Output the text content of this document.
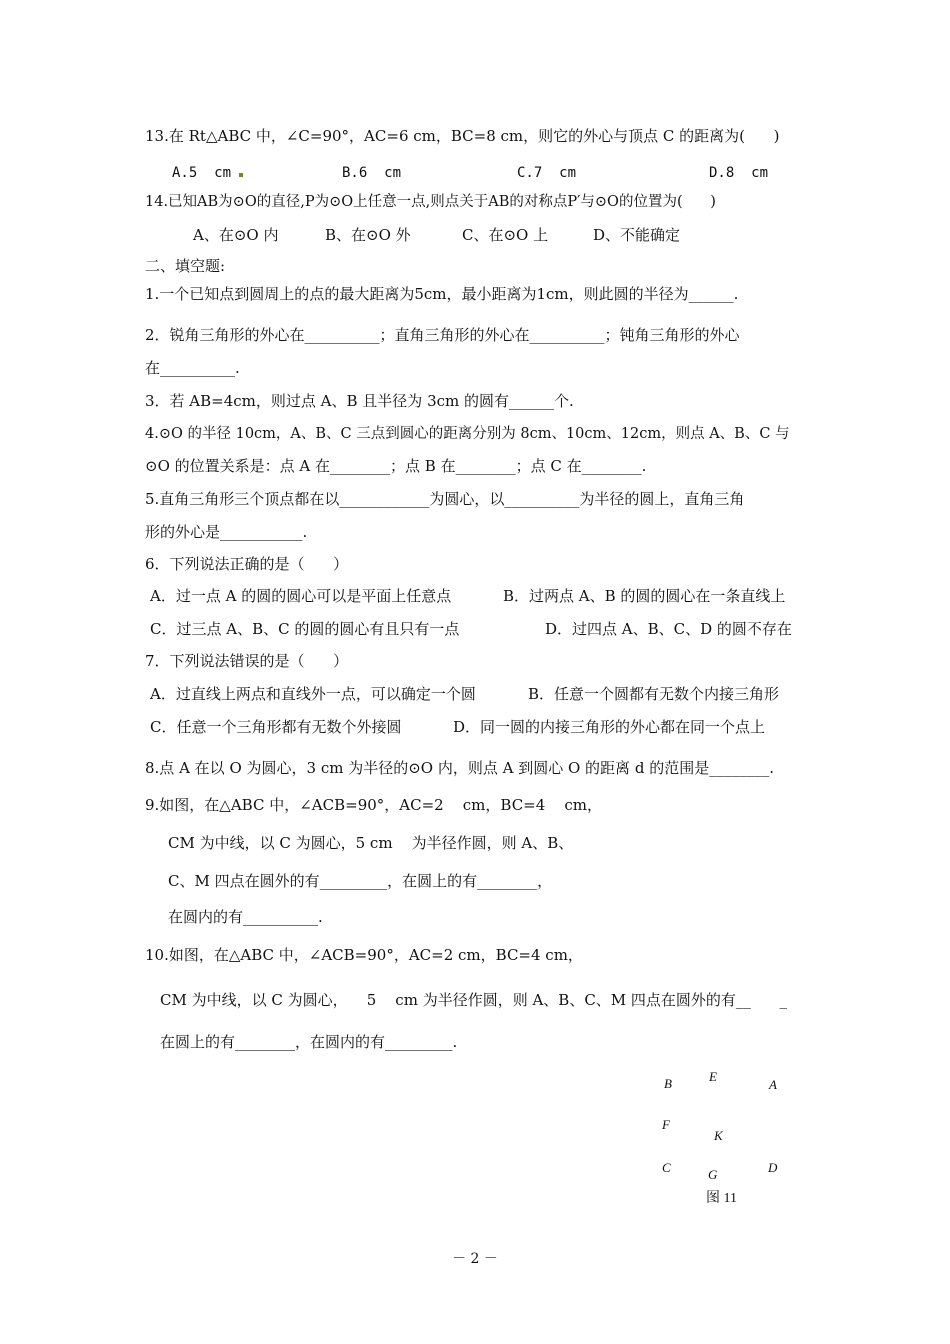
13.在 Rt△ABC 中，∠C=90°，AC=6 cm，BC=8 cm，则它的外心与顶点 C 的距离为(      )
A.5  cm	B.6  cm	C.7  cm	D.8  cm
14.已知AB为⊙O的直径,P为⊙O上任意一点,则点关于AB的对称点P′与⊙O的位置为(      )
A、在⊙O 内	B、在⊙O 外	C、在⊙O 上	D、不能确定
二、填空题:
1.一个已知点到圆周上的点的最大距离为5cm，最小距离为1cm，则此圆的半径为______.
2．锐角三角形的外心在__________；直角三角形的外心在__________；钝角三角形的外心
在__________.
3．若 AB=4cm，则过点 A、B 且半径为 3cm 的圆有______个.
4.⊙O 的半径 10cm，A、B、C 三点到圆心的距离分别为 8cm、10cm、12cm，则点 A、B、C 与
⊙O 的位置关系是：点 A 在________；点 B 在________；点 C 在________.
5.直角三角形三个顶点都在以____________为圆心，以__________为半径的圆上，直角三角
形的外心是___________.
6．下列说法正确的是（      ）
A．过一点 A 的圆的圆心可以是平面上任意点	B．过两点 A、B 的圆的圆心在一条直线上
C．过三点 A、B、C 的圆的圆心有且只有一点	D．过四点 A、B、C、D 的圆不存在
7．下列说法错误的是（      ）
A．过直线上两点和直线外一点，可以确定一个圆	B．任意一个圆都有无数个内接三角形
C．任意一个三角形都有无数个外接圆	D．同一圆的内接三角形的外心都在同一个点上
8.点 A 在以 O 为圆心，3 cm 为半径的⊙O 内，则点 A 到圆心 O 的距离 d 的范围是________.
9.如图，在△ABC 中，∠ACB=90°，AC=2    cm，BC=4    cm，
CM 为中线，以 C 为圆心，5 cm    为半径作圆，则 A、B、
C、M 四点在圆外的有_________，在圆上的有________，
在圆内的有__________.
10.如图，在△ABC 中，∠ACB=90°，AC=2 cm，BC=4 cm，
CM 为中线，以 C 为圆心，    5    cm 为半径作圆，则 A、B、C、M 四点在圆外的有__      _
在圆上的有________，在圆内的有_________.
B	E
A
F
K
C	G	D
图 11
－ 2 －
